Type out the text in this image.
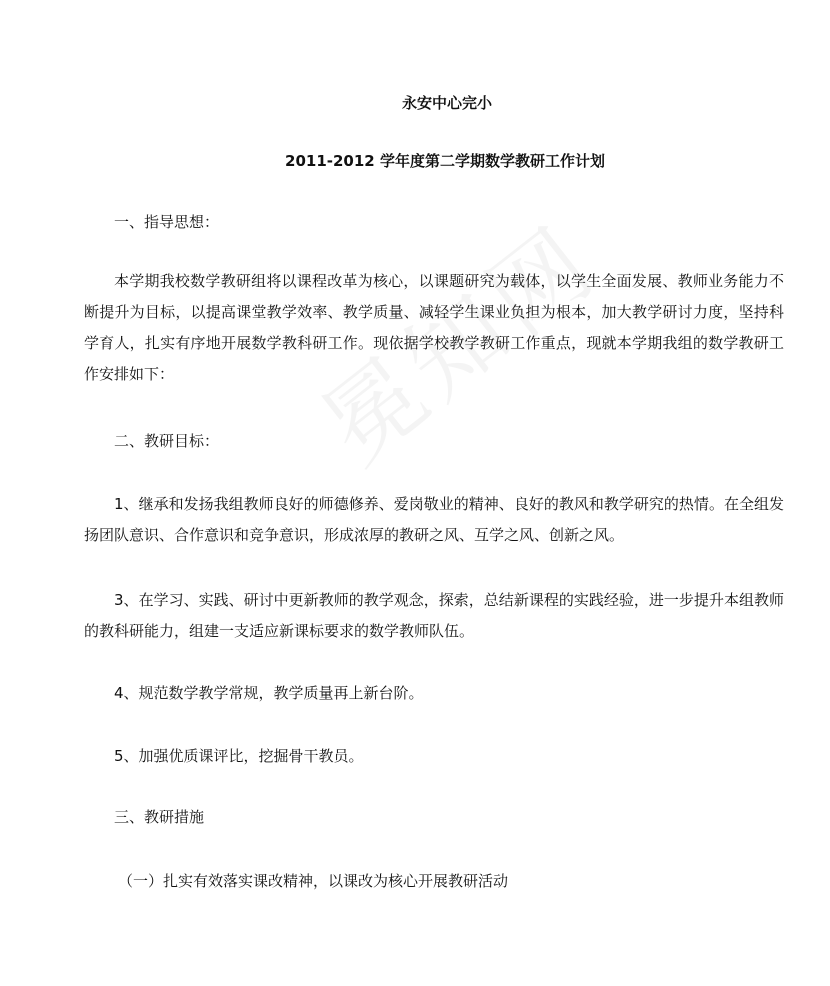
永安中心完小
2011-2012 学年度第二学期数学教研工作计划

一、指导思想：

本学期我校数学教研组将以课程改革为核心，以课题研究为载体，以学生全面发展、教师业务能力不断提升为目标，以提高课堂教学效率、教学质量、减轻学生课业负担为根本，加大教学研讨力度，坚持科学育人，扎实有序地开展数学教科研工作。现依据学校教学教研工作重点，现就本学期我组的数学教研工作安排如下：

二、教研目标：

1、继承和发扬我组教师良好的师德修养、爱岗敬业的精神、良好的教风和教学研究的热情。在全组发扬团队意识、合作意识和竞争意识，形成浓厚的教研之风、互学之风、创新之风。

3、在学习、实践、研讨中更新教师的教学观念，探索，总结新课程的实践经验，进一步提升本组教师的教科研能力，组建一支适应新课标要求的数学教师队伍。

4、规范数学教学常规，教学质量再上新台阶。

5、加强优质课评比，挖掘骨干教员。

三、教研措施

（一）扎实有效落实课改精神，以课改为核心开展教研活动
